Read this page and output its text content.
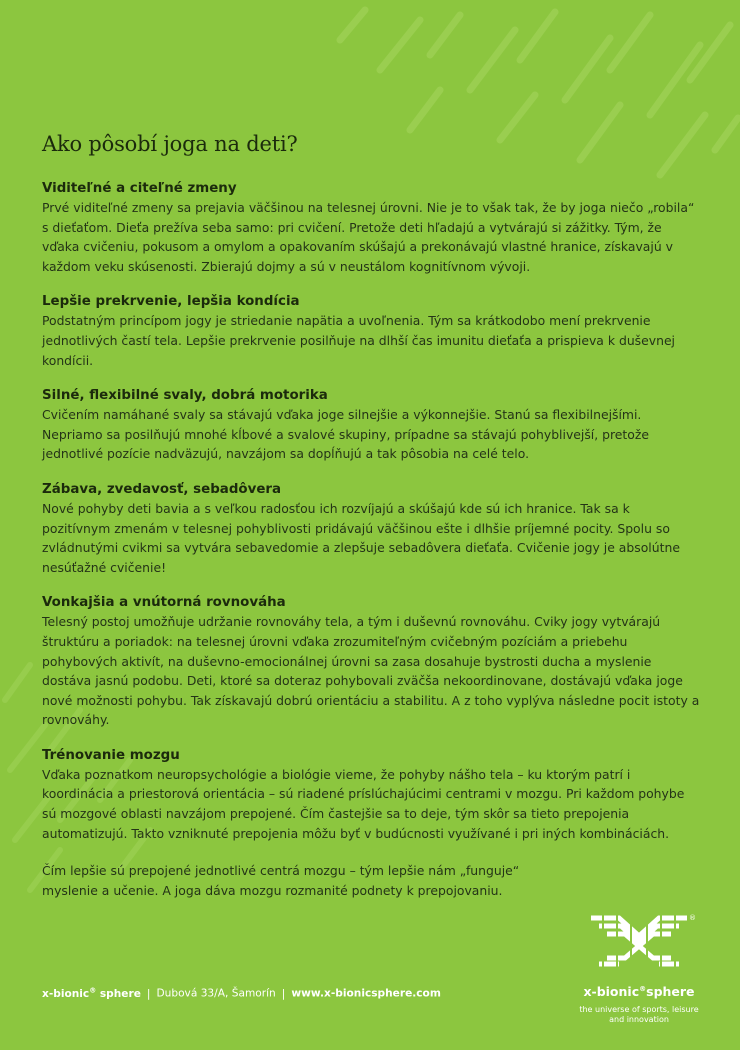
Ako pôsobí joga na deti?
Viditeľné a citeľné zmeny

Prvé viditeľné zmeny sa prejavia väčšinou na telesnej úrovni. Nie je to však tak, že by joga niečo „robila“ s dieťaťom. Dieťa prežíva seba samo: pri cvičení. Pretože deti hľadajú a vytvárajú si zážitky. Tým, že vďaka cvičeniu, pokusom a omylom a opakovaním skúšajú a prekonávajú vlastné hranice, získavajú v každom veku skúsenosti. Zbierajú dojmy a sú v neustálom kognitívnom vývoji.

Lepšie prekrvenie, lepšia kondícia

Podstatným princípom jogy je striedanie napätia a uvoľnenia. Tým sa krátkodobo mení prekrvenie jednotlivých častí tela. Lepšie prekrvenie posilňuje na dlhší čas imunitu dieťaťa a prispieva k duševnej kondícii.

Silné, flexibilné svaly, dobrá motorika

Cvičením namáhané svaly sa stávajú vďaka joge silnejšie a výkonnejšie. Stanú sa flexibilnejšími. Nepriamo sa posilňujú mnohé kĺbové a svalové skupiny, prípadne sa stávajú pohyblivejší, pretože jednotlivé pozície nadväzujú, navzájom sa dopĺňujú a tak pôsobia na celé telo.

Zábava, zvedavosť, sebadôvera

Nové pohyby deti bavia a s veľkou radosťou ich rozvíjajú a skúšajú kde sú ich hranice. Tak sa k pozitívnym zmenám v telesnej pohyblivosti pridávajú väčšinou ešte i dlhšie príjemné pocity. Spolu so zvládnutými cvikmi sa vytvára sebavedomie a zlepšuje sebadôvera dieťaťa. Cvičenie jogy je absolútne nesúťažné cvičenie!

Vonkajšia a vnútorná rovnováha

Telesný postoj umožňuje udržanie rovnováhy tela, a tým i duševnú rovnováhu. Cviky jogy vytvárajú štruktúru a poriadok: na telesnej úrovni vďaka zrozumiteľným cvičebným pozíciám a priebehu pohybových aktivít, na duševno-emocionálnej úrovni sa zasa dosahuje bystrosti ducha a myslenie dostáva jasnú podobu. Deti, ktoré sa doteraz pohybovali zväčša nekoordinovane, dostávajú vďaka joge nové možnosti pohybu. Tak získavajú dobrú orientáciu a stabilitu. A z toho vyplýva následne pocit istoty a rovnováhy.

Trénovanie mozgu

Vďaka poznatkom neuropsychológie a biológie vieme, že pohyby nášho tela – ku ktorým patrí i koordinácia a priestorová orientácia – sú riadené príslúchajúcimi centrami v mozgu. Pri každom pohybe sú mozgové oblasti navzájom prepojené. Čím častejšie sa to deje, tým skôr sa tieto prepojenia automatizujú. Takto vzniknuté prepojenia môžu byť v budúcnosti využívané i pri iných kombináciách.

Čím lepšie sú prepojené jednotlivé centrá mozgu – tým lepšie nám „funguje“ myslenie a učenie. A joga dáva mozgu rozmanité podnety k prepojovaniu.

x-bionic® sphere | Dubová 33/A, Šamorín | www.x-bionicsphere.com
®
x-bionic®sphere
the universe of sports, leisure
and innovation
